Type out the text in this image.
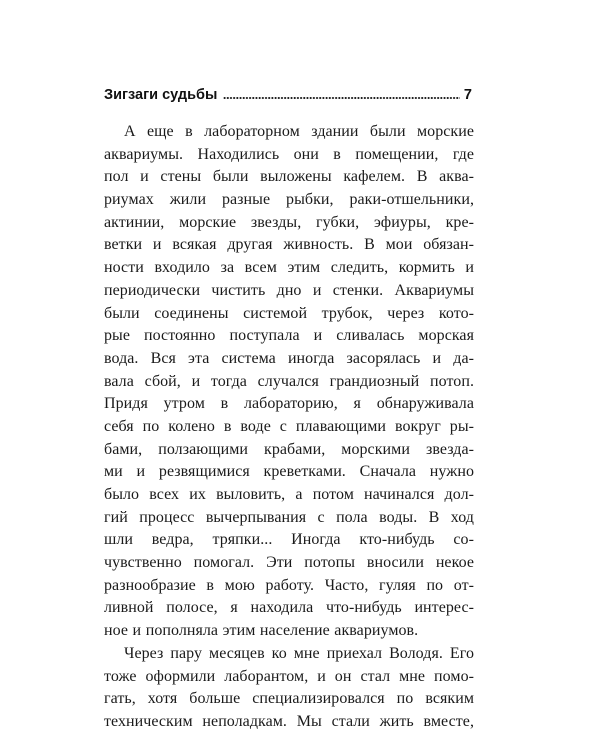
Зигзаги судьбы	7
А еще в лабораторном здании были морские
аквариумы. Находились они в помещении, где
пол и стены были выложены кафелем. В аква-
риумах жили разные рыбки, раки-отшельники,
актинии, морские звезды, губки, эфиуры, кре-
ветки и всякая другая живность. В мои обязан-
ности входило за всем этим следить, кормить и
периодически чистить дно и стенки. Аквариумы
были соединены системой трубок, через кото-
рые постоянно поступала и сливалась морская
вода. Вся эта система иногда засорялась и да-
вала сбой, и тогда случался грандиозный потоп.
Придя утром в лабораторию, я обнаруживала
себя по колено в воде с плавающими вокруг ры-
бами, ползающими крабами, морскими звезда-
ми и резвящимися креветками. Сначала нужно
было всех их выловить, а потом начинался дол-
гий процесс вычерпывания с пола воды. В ход
шли ведра, тряпки... Иногда кто-нибудь со-
чувственно помогал. Эти потопы вносили некое
разнообразие в мою работу. Часто, гуляя по от-
ливной полосе, я находила что-нибудь интерес-
ное и пополняла этим население аквариумов.
Через пару месяцев ко мне приехал Володя. Его
тоже оформили лаборантом, и он стал мне помо-
гать, хотя больше специализировался по всяким
техническим неполадкам. Мы стали жить вместе,
